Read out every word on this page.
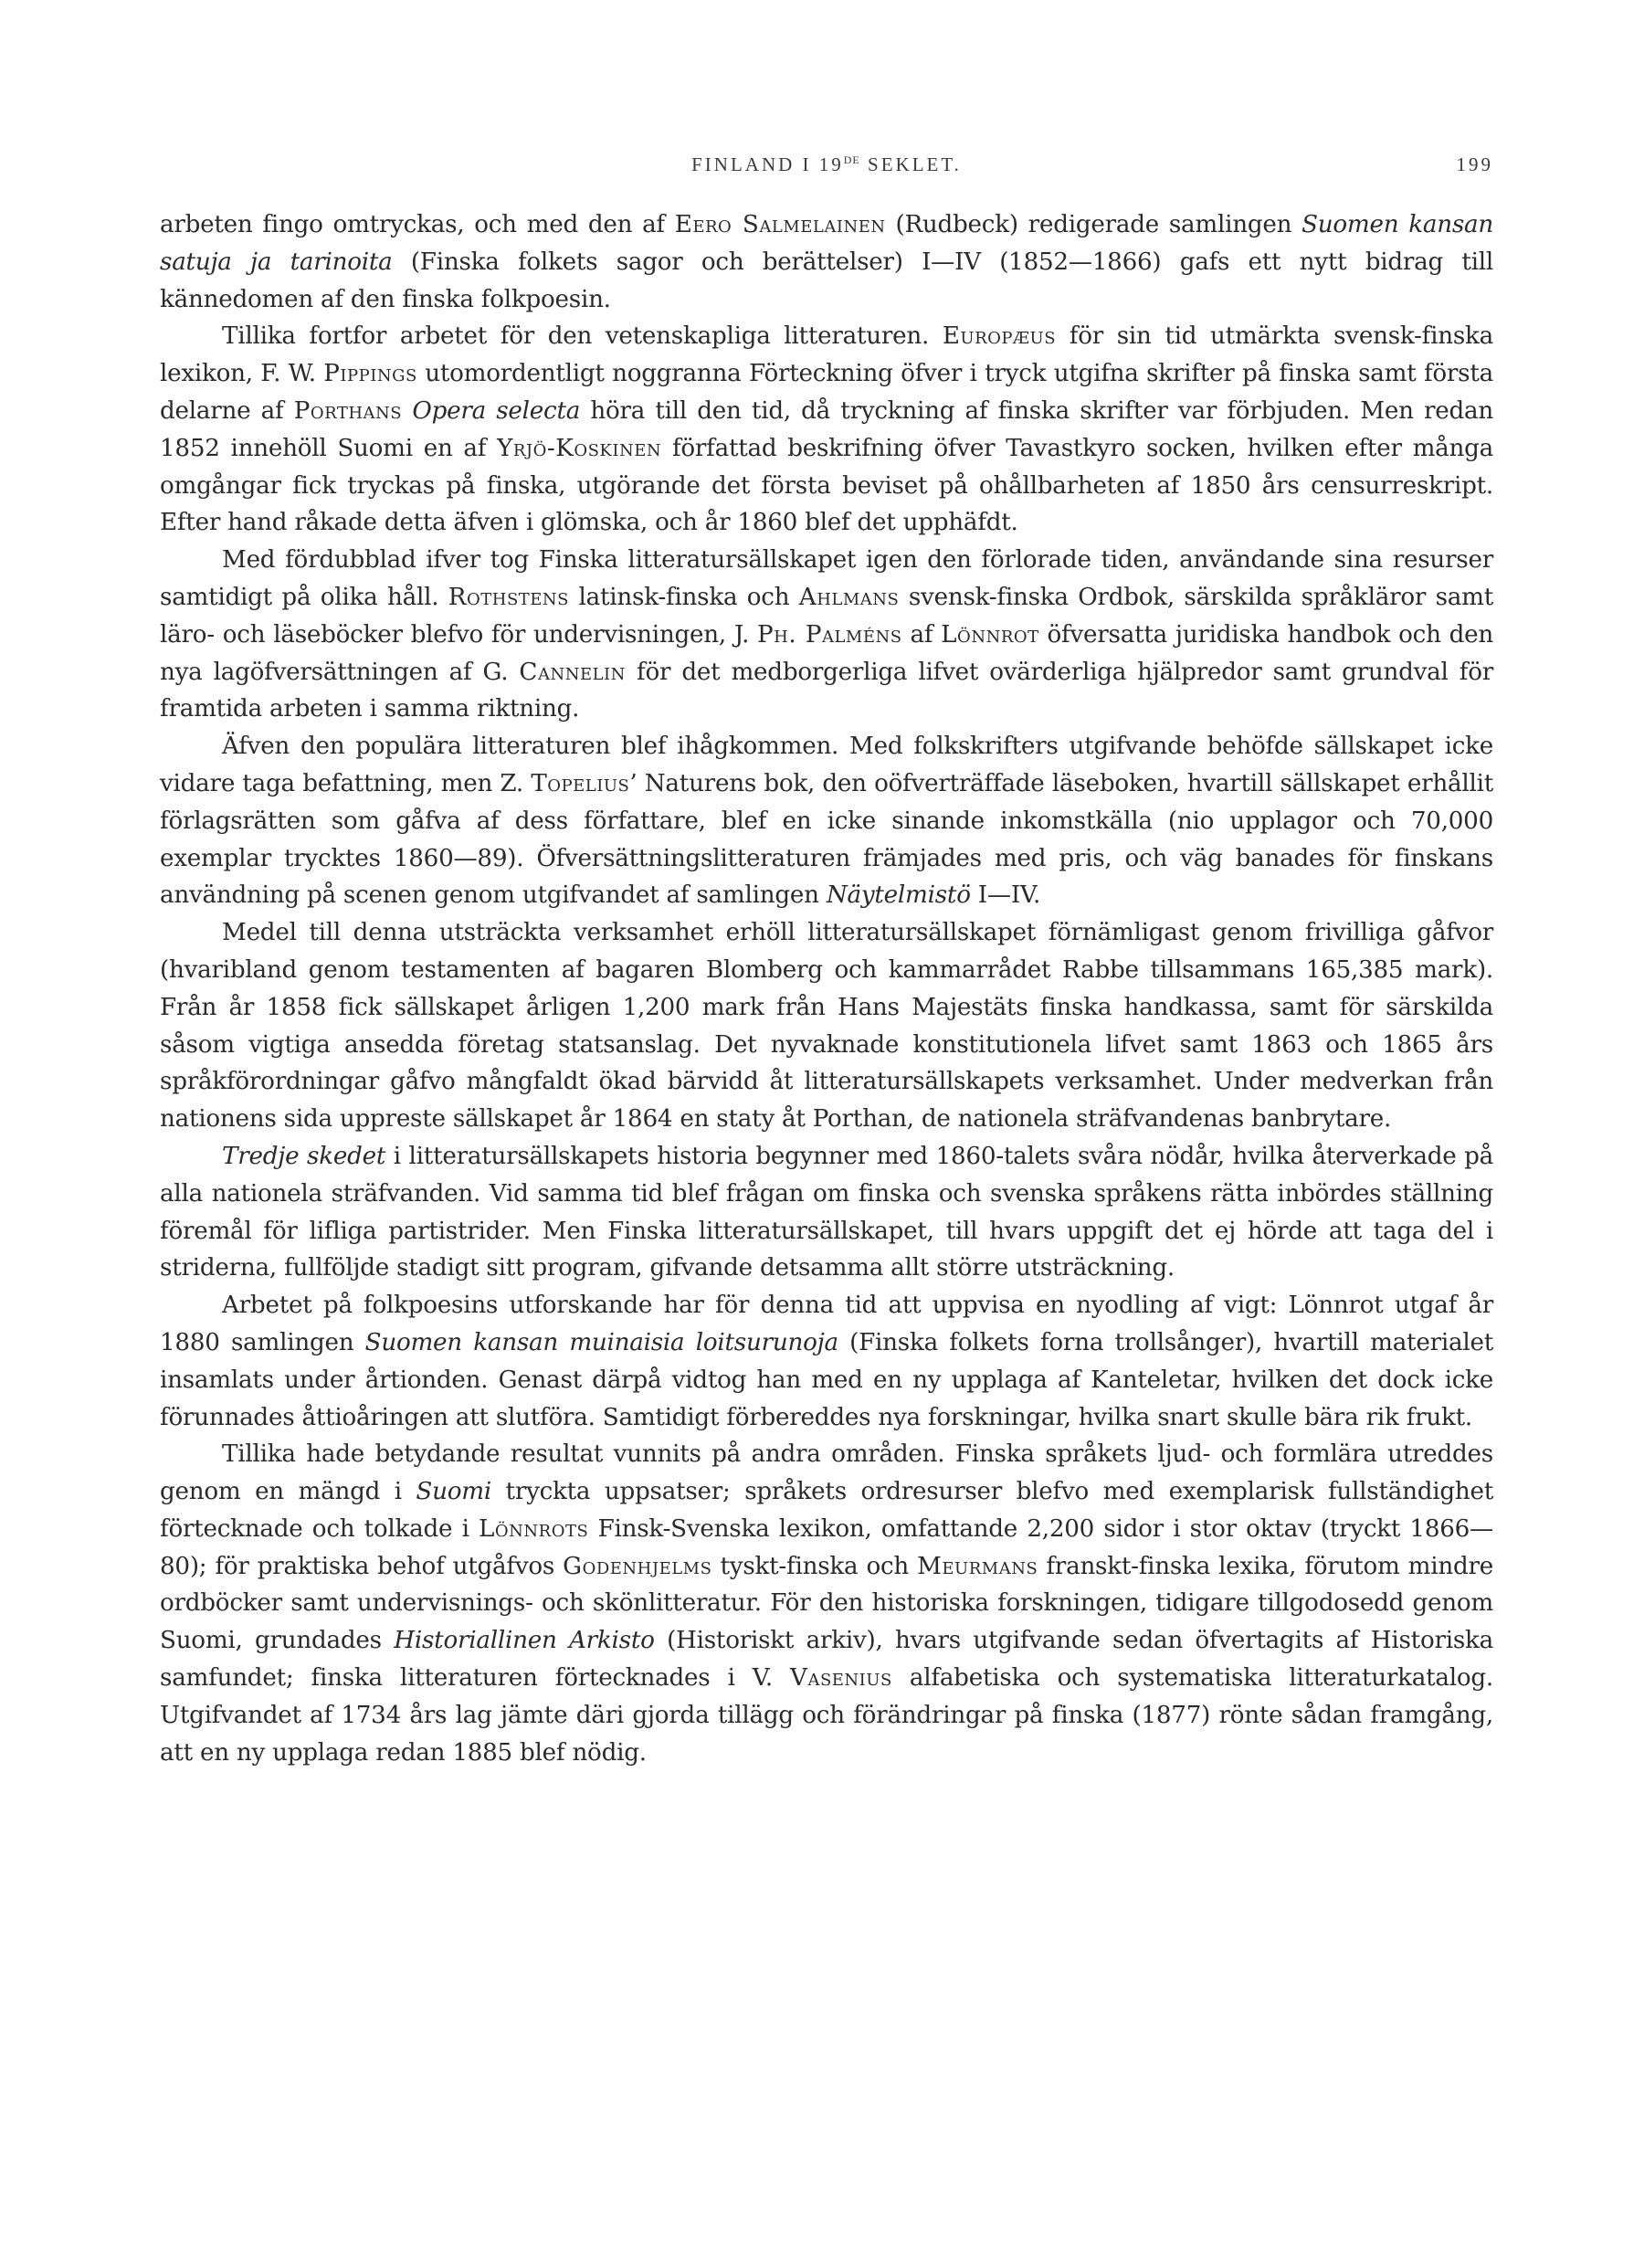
FINLAND I 19DE SEKLET.	199

arbeten fingo omtryckas, och med den af Eero Salmelainen (Rudbeck) redigerade samlingen Suomen kansan satuja ja tarinoita (Finska folkets sagor och berättelser) I—IV (1852—1866) gafs ett nytt bidrag till kännedomen af den finska folkpoesin.

Tillika fortfor arbetet för den vetenskapliga litteraturen. Europæus för sin tid utmärkta svensk-finska lexikon, F. W. Pippings utomordentligt noggranna Förteckning öfver i tryck utgifna skrifter på finska samt första delarne af Porthans Opera selecta höra till den tid, då tryckning af finska skrifter var förbjuden. Men redan 1852 innehöll Suomi en af Yrjö-Koskinen författad beskrifning öfver Tavastkyro socken, hvilken efter många omgångar fick tryckas på finska, utgörande det första beviset på ohållbarheten af 1850 års censurreskript. Efter hand råkade detta äfven i glömska, och år 1860 blef det upphäfdt.

Med fördubblad ifver tog Finska litteratursällskapet igen den förlorade tiden, användande sina resurser samtidigt på olika håll. Rothstens latinsk-finska och Ahlmans svensk-finska Ordbok, särskilda språkläror samt läro- och läseböcker blefvo för undervisningen, J. Ph. Palméns af Lönnrot öfversatta juridiska handbok och den nya lagöfversättningen af G. Cannelin för det medborgerliga lifvet ovärderliga hjälpredor samt grundval för framtida arbeten i samma riktning.

Äfven den populära litteraturen blef ihågkommen. Med folkskrifters utgifvande behöfde sällskapet icke vidare taga befattning, men Z. Topelius’ Naturens bok, den oöfverträffade läseboken, hvartill sällskapet erhållit förlagsrätten som gåfva af dess författare, blef en icke sinande inkomstkälla (nio upplagor och 70,000 exemplar trycktes 1860—89). Öfversättningslitteraturen främjades med pris, och väg banades för finskans användning på scenen genom utgifvandet af samlingen Näytelmistö I—IV.

Medel till denna utsträckta verksamhet erhöll litteratursällskapet förnämligast genom frivilliga gåfvor (hvaribland genom testamenten af bagaren Blomberg och kammarrådet Rabbe tillsammans 165,385 mark). Från år 1858 fick sällskapet årligen 1,200 mark från Hans Majestäts finska handkassa, samt för särskilda såsom vigtiga ansedda företag statsanslag. Det nyvaknade konstitutionela lifvet samt 1863 och 1865 års språkförordningar gåfvo mångfaldt ökad bärvidd åt litteratursällskapets verksamhet. Under medverkan från nationens sida uppreste sällskapet år 1864 en staty åt Porthan, de nationela sträfvandenas banbrytare.

Tredje skedet i litteratursällskapets historia begynner med 1860-talets svåra nödår, hvilka återverkade på alla nationela sträfvanden. Vid samma tid blef frågan om finska och svenska språkens rätta inbördes ställning föremål för lifliga partistrider. Men Finska litteratursällskapet, till hvars uppgift det ej hörde att taga del i striderna, fullföljde stadigt sitt program, gifvande detsamma allt större utsträckning.

Arbetet på folkpoesins utforskande har för denna tid att uppvisa en nyodling af vigt: Lönnrot utgaf år 1880 samlingen Suomen kansan muinaisia loitsurunoja (Finska folkets forna trollsånger), hvartill materialet insamlats under årtionden. Genast därpå vidtog han med en ny upplaga af Kanteletar, hvilken det dock icke förunnades åttioåringen att slutföra. Samtidigt förbereddes nya forskningar, hvilka snart skulle bära rik frukt.

Tillika hade betydande resultat vunnits på andra områden. Finska språkets ljud- och formlära utreddes genom en mängd i Suomi tryckta uppsatser; språkets ordresurser blefvo med exemplarisk fullständighet förtecknade och tolkade i Lönnrots Finsk-Svenska lexikon, omfattande 2,200 sidor i stor oktav (tryckt 1866—80); för praktiska behof utgåfvos Godenhjelms tyskt-finska och Meurmans franskt-finska lexika, förutom mindre ordböcker samt undervisnings- och skönlitteratur. För den historiska forskningen, tidigare tillgodosedd genom Suomi, grundades Historiallinen Arkisto (Historiskt arkiv), hvars utgifvande sedan öfvertagits af Historiska samfundet; finska litteraturen förtecknades i V. Vasenius alfabetiska och systematiska litteraturkatalog. Utgifvandet af 1734 års lag jämte däri gjorda tillägg och förändringar på finska (1877) rönte sådan framgång, att en ny upplaga redan 1885 blef nödig.
